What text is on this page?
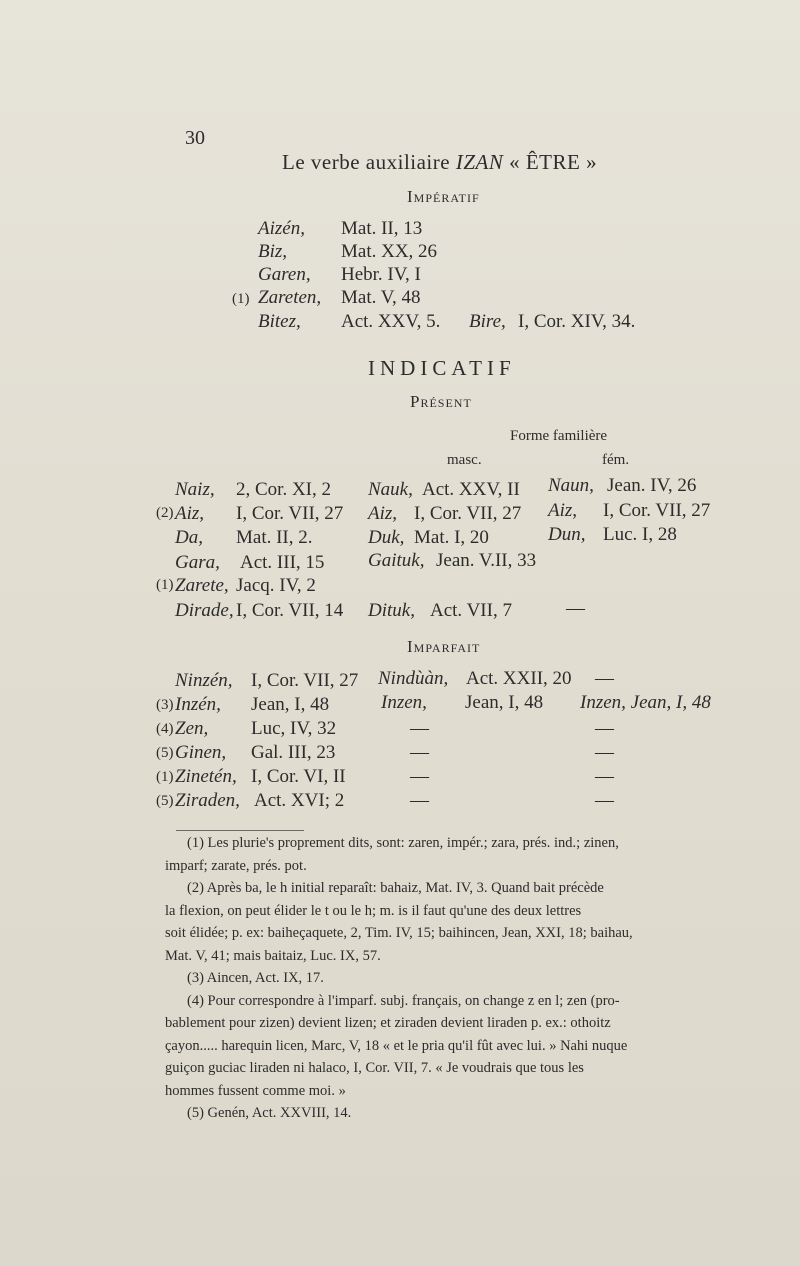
30
Le verbe auxiliaire IZAN « ÊTRE »
Impératif
(1)
Aizén, Mat. II, 13
Biz,	Mat. XX, 26
Garen, Hebr. IV, I
Zareten, Mat. V, 48
Bitez, Act. XXV, 5. Bire, I, Cor. XIV, 34.
INDICATIF
Présent
Forme familière
masc.	fém.
Naiz, 2, Cor. XI, 2 Nauk, Act. XXV, II Naun, Jean. IV, 26
(2) Aiz, I, Cor. VII, 27 Aiz, I, Cor. VII, 27 Aiz, I, Cor. VII, 27
Da, Mat. II, 2.	Duk, Mat. I, 20	Dun, Luc. I, 28
Gara, Act. III, 15 Gaituk, Jean. V.II, 33
(1) Zarete, Jacq. IV, 2
Dirade, I, Cor. VII, 14 Dituk, Act. VII, 7	—
Imparfait
Ninzén, I, Cor. VII, 27 Nindùàn, Act. XXII, 20 —
(3) Inzén, Jean, I, 48	Inzen, Jean, I, 48 Inzen, Jean, I, 48
(4) Zen, Luc, IV, 32	—	—
(5) Ginen, Gal. III, 23	—	—
(1) Zinetén, I, Cor. VI, II	—	—
(5) Ziraden, Act. XVI; 2	—	—
(1) Les plurie's proprement dits, sont: zaren, impér.; zara, prés. ind.; zinen,
imparf; zarate, prés. pot.
(2) Après ba, le h initial reparaît: bahaiz, Mat. IV, 3. Quand bait précède
la flexion, on peut élider le t ou le h; m. is il faut qu'une des deux lettres
soit élidée; p. ex: baiheçaquete, 2, Tim. IV, 15; baihincen, Jean, XXI, 18; baihau,
Mat. V, 41; mais baitaiz, Luc. IX, 57.
(3) Aincen, Act. IX, 17.
(4) Pour correspondre à l'imparf. subj. français, on change z en l; zen (pro-
bablement pour zizen) devient lizen; et ziraden devient liraden p. ex.: othoitz
çayon..... harequin licen, Marc, V, 18 « et le pria qu'il fût avec lui. » Nahi nuque
guiçon guciac liraden ni halaco, I, Cor. VII, 7. « Je voudrais que tous les
hommes fussent comme moi. »
(5) Genén, Act. XXVIII, 14.
